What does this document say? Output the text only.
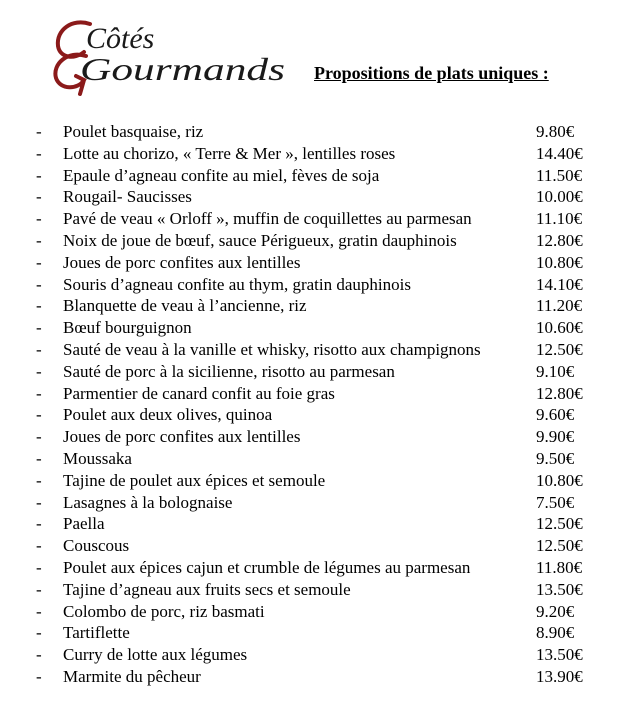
Côtés
Gourmands Propositions de plats uniques :
- Poulet basquaise, riz	9.80€
- Lotte au chorizo, « Terre & Mer », lentilles roses	14.40€
- Epaule d’agneau confite au miel, fèves de soja	11.50€
- Rougail- Saucisses	10.00€
- Pavé de veau « Orloff », muffin de coquillettes au parmesan	11.10€
- Noix de joue de bœuf, sauce Périgueux, gratin dauphinois	12.80€
- Joues de porc confites aux lentilles	10.80€
- Souris d’agneau confite au thym, gratin dauphinois	14.10€
- Blanquette de veau à l’ancienne, riz	11.20€
- Bœuf bourguignon	10.60€
- Sauté de veau à la vanille et whisky, risotto aux champignons	12.50€
- Sauté de porc à la sicilienne, risotto au parmesan	9.10€
- Parmentier de canard confit au foie gras	12.80€
- Poulet aux deux olives, quinoa	9.60€
- Joues de porc confites aux lentilles	9.90€
- Moussaka	9.50€
- Tajine de poulet aux épices et semoule	10.80€
- Lasagnes à la bolognaise	7.50€
- Paella	12.50€
- Couscous	12.50€
- Poulet aux épices cajun et crumble de légumes au parmesan	11.80€
- Tajine d’agneau aux fruits secs et semoule	13.50€
- Colombo de porc, riz basmati	9.20€
- Tartiflette	8.90€
- Curry de lotte aux légumes	13.50€
- Marmite du pêcheur	13.90€
